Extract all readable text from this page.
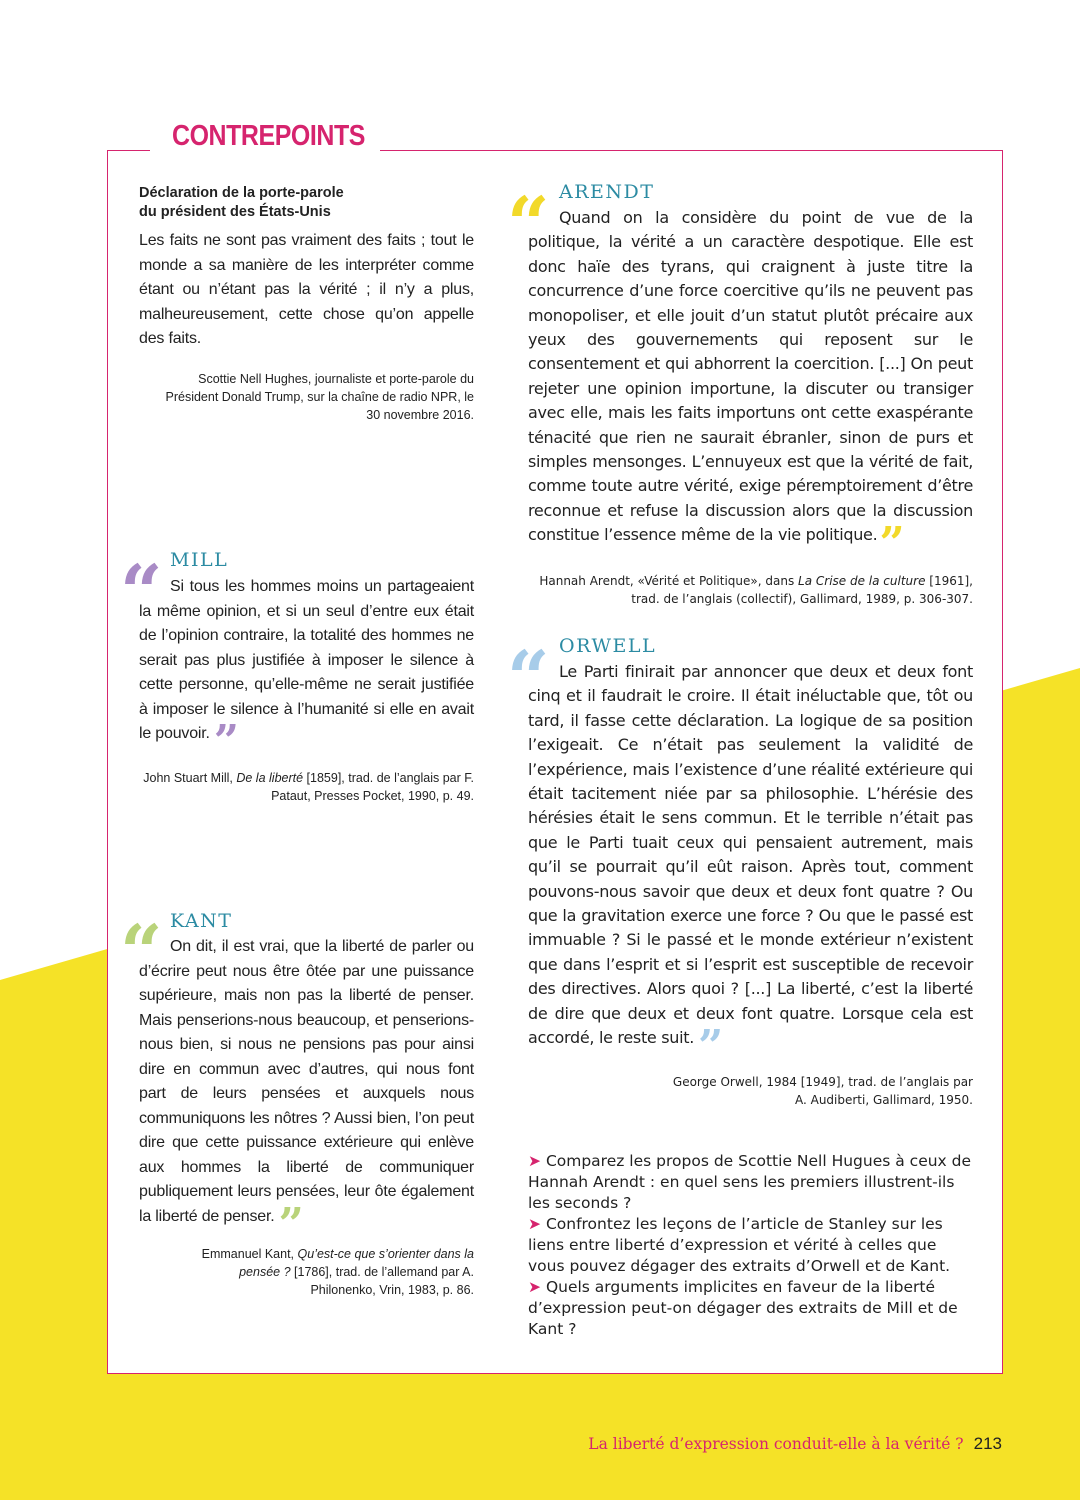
CONTREPOINTS
Déclaration de la porte-parole
du président des États-Unis

Les faits ne sont pas vraiment des faits ; tout le monde a sa manière de les interpréter comme étant ou n’étant pas la vérité ; il n’y a plus, malheureusement, cette chose qu’on appelle des faits.

Scottie Nell Hughes, journaliste et porte-parole du Président Donald Trump, sur la chaîne de radio NPR, le 30 novembre 2016.

MILL
“ Si tous les hommes moins un partageaient la même opinion, et si un seul d’entre eux était de l’opinion contraire, la totalité des hommes ne serait pas plus justifiée à imposer le silence à cette personne, qu’elle-même ne serait justifiée à imposer le silence à l’humanité si elle en avait le pouvoir.”

John Stuart Mill, De la liberté [1859], trad. de l’anglais par F. Pataut, Presses Pocket, 1990, p. 49.

KANT
“ On dit, il est vrai, que la liberté de parler ou d’écrire peut nous être ôtée par une puissance supérieure, mais non pas la liberté de penser. Mais penserions-nous beaucoup, et penserions-nous bien, si nous ne pensions pas pour ainsi dire en commun avec d’autres, qui nous font part de leurs pensées et auxquels nous communiquons les nôtres ? Aussi bien, l’on peut dire que cette puissance extérieure qui enlève aux hommes la liberté de communiquer publiquement leurs pensées, leur ôte également la liberté de penser.”

Emmanuel Kant, Qu’est-ce que s’orienter dans la pensée ? [1786], trad. de l’allemand par A. Philonenko, Vrin, 1983, p. 86.

ARENDT
“ Quand on la considère du point de vue de la politique, la vérité a un caractère despotique. Elle est donc haïe des tyrans, qui craignent à juste titre la concurrence d’une force coercitive qu’ils ne peuvent pas monopoliser, et elle jouit d’un statut plutôt précaire aux yeux des gouvernements qui reposent sur le consentement et qui abhorrent la coercition. [...] On peut rejeter une opinion importune, la discuter ou transiger avec elle, mais les faits importuns ont cette exaspérante ténacité que rien ne saurait ébranler, sinon de purs et simples mensonges. L’ennuyeux est que la vérité de fait, comme toute autre vérité, exige péremptoirement d’être reconnue et refuse la discussion alors que la discussion constitue l’essence même de la vie politique.”

Hannah Arendt, «Vérité et Politique», dans La Crise de la culture [1961], trad. de l’anglais (collectif), Gallimard, 1989, p. 306-307.

ORWELL
“ Le Parti finirait par annoncer que deux et deux font cinq et il faudrait le croire. Il était inéluctable que, tôt ou tard, il fasse cette déclaration. La logique de sa position l’exigeait. Ce n’était pas seulement la validité de l’expérience, mais l’existence d’une réalité extérieure qui était tacitement niée par sa philosophie. L’hérésie des hérésies était le sens commun. Et le terrible n’était pas que le Parti tuait ceux qui pensaient autrement, mais qu’il se pourrait qu’il eût raison. Après tout, comment pouvons-nous savoir que deux et deux font quatre ? Ou que la gravitation exerce une force ? Ou que le passé est immuable ? Si le passé et le monde extérieur n’existent que dans l’esprit et si l’esprit est susceptible de recevoir des directives. Alors quoi ? [...] La liberté, c’est la liberté de dire que deux et deux font quatre. Lorsque cela est accordé, le reste suit.”

George Orwell, 1984 [1949], trad. de l’anglais par A. Audiberti, Gallimard, 1950.

➤ Comparez les propos de Scottie Nell Hugues à ceux de Hannah Arendt : en quel sens les premiers illustrent-ils les seconds ?

➤ Confrontez les leçons de l’article de Stanley sur les liens entre liberté d’expression et vérité à celles que vous pouvez dégager des extraits d’Orwell et de Kant.

➤ Quels arguments implicites en faveur de la liberté d’expression peut-on dégager des extraits de Mill et de Kant ?

La liberté d’expression conduit-elle à la vérité ? 213
